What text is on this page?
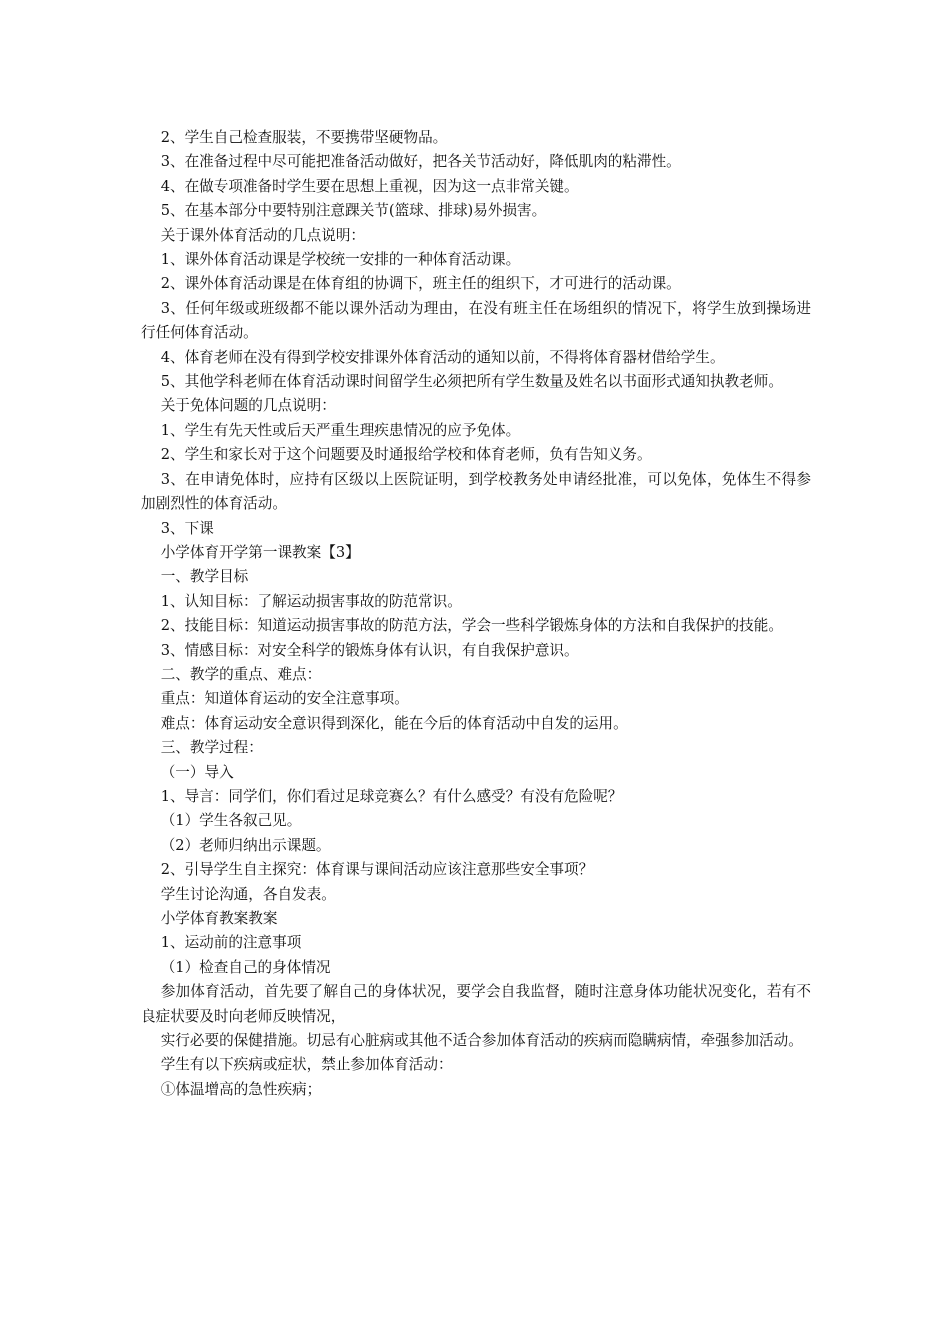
2、学生自己检查服装，不要携带坚硬物品。

3、在准备过程中尽可能把准备活动做好，把各关节活动好，降低肌肉的粘滞性。

4、在做专项准备时学生要在思想上重视，因为这一点非常关键。

5、在基本部分中要特别注意踝关节(篮球、排球)易外损害。

关于课外体育活动的几点说明：

1、课外体育活动课是学校统一安排的一种体育活动课。

2、课外体育活动课是在体育组的协调下，班主任的组织下，才可进行的活动课。

3、任何年级或班级都不能以课外活动为理由，在没有班主任在场组织的情况下，将学生放到操场进行任何体育活动。

4、体育老师在没有得到学校安排课外体育活动的通知以前，不得将体育器材借给学生。

5、其他学科老师在体育活动课时间留学生必须把所有学生数量及姓名以书面形式通知执教老师。

关于免体问题的几点说明：

1、学生有先天性或后天严重生理疾患情况的应予免体。

2、学生和家长对于这个问题要及时通报给学校和体育老师，负有告知义务。

3、在申请免体时，应持有区级以上医院证明，到学校教务处申请经批准，可以免体，免体生不得参加剧烈性的体育活动。

3、下课

小学体育开学第一课教案【3】

一、教学目标

1、认知目标：了解运动损害事故的防范常识。

2、技能目标：知道运动损害事故的防范方法，学会一些科学锻炼身体的方法和自我保护的技能。

3、情感目标：对安全科学的锻炼身体有认识，有自我保护意识。

二、教学的重点、难点：

重点：知道体育运动的安全注意事项。

难点：体育运动安全意识得到深化，能在今后的体育活动中自发的运用。

三、教学过程：

（一）导入

1、导言：同学们，你们看过足球竞赛么？有什么感受？有没有危险呢？

（1）学生各叙己见。

（2）老师归纳出示课题。

2、引导学生自主探究：体育课与课间活动应该注意那些安全事项？

学生讨论沟通，各自发表。

小学体育教案教案

1、运动前的注意事项

（1）检查自己的身体情况

参加体育活动，首先要了解自己的身体状况，要学会自我监督，随时注意身体功能状况变化，若有不良症状要及时向老师反映情况，

实行必要的保健措施。切忌有心脏病或其他不适合参加体育活动的疾病而隐瞒病情，牵强参加活动。

学生有以下疾病或症状，禁止参加体育活动：

①体温增高的急性疾病；
